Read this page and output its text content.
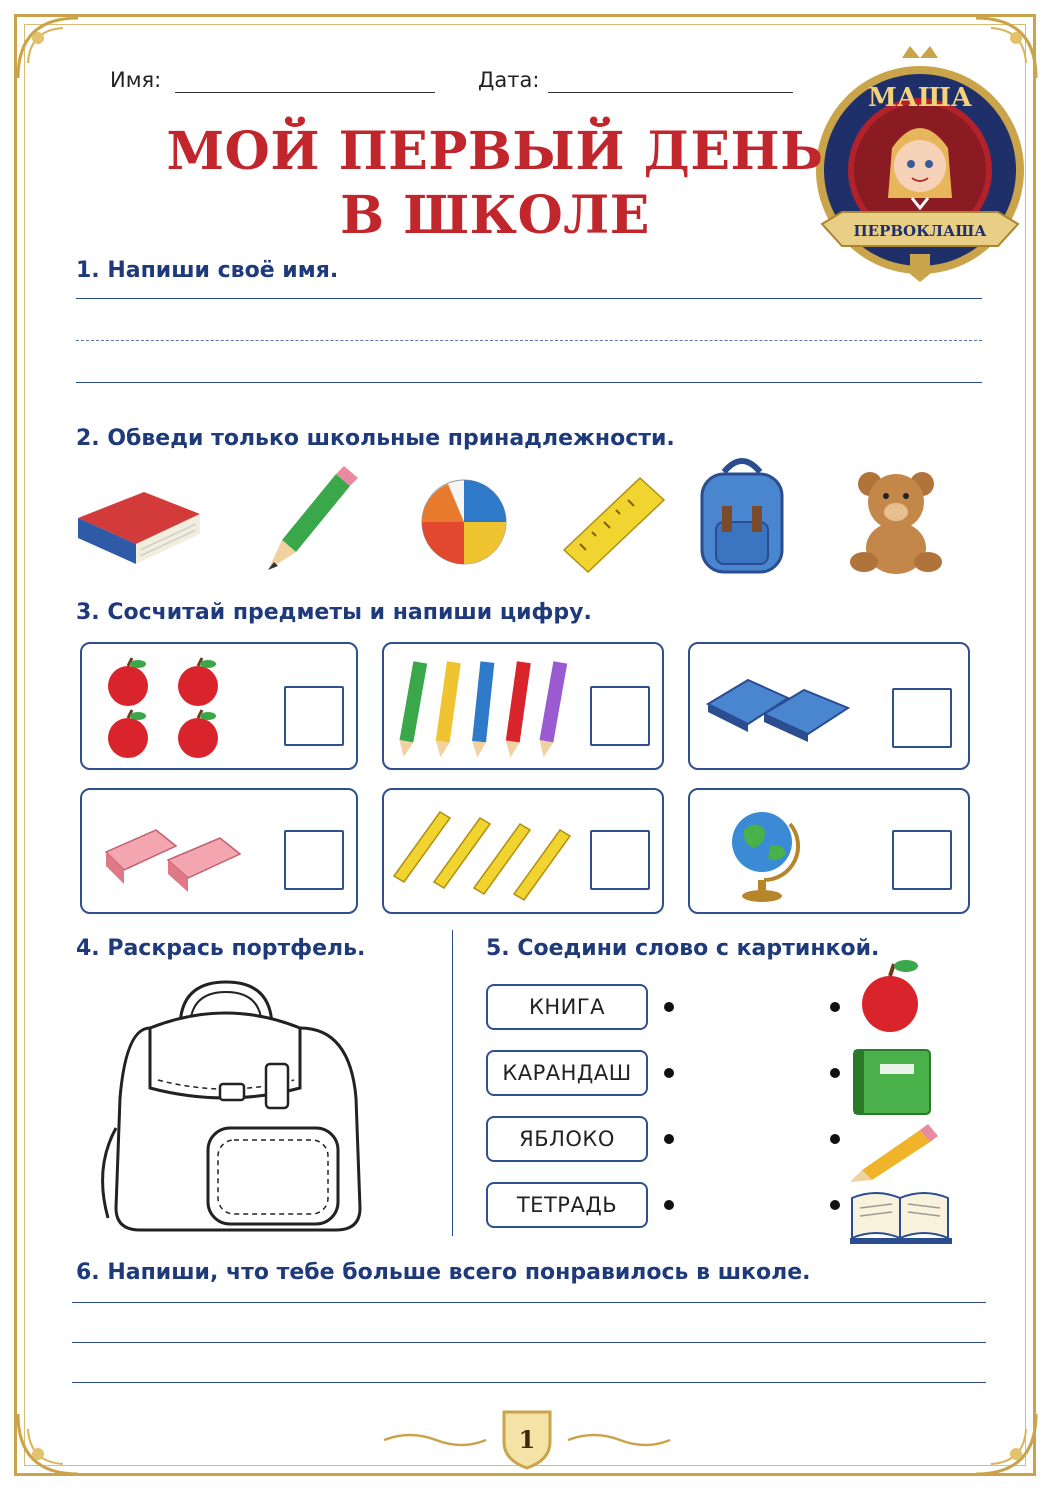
Имя:	Дата:
МАША
ПЕРВОКЛАША
МОЙ ПЕРВЫЙ ДЕНЬ
В ШКОЛЕ
1. Напиши своё имя.
2. Обведи только школьные принадлежности.
3. Сосчитай предметы и напиши цифру.
4. Раскрась портфель.	5. Соедини слово с картинкой.
КНИГА
КАРАНДАШ
ЯБЛОКО
ТЕТРАДЬ
6. Напиши, что тебе больше всего понравилось в школе.
1
